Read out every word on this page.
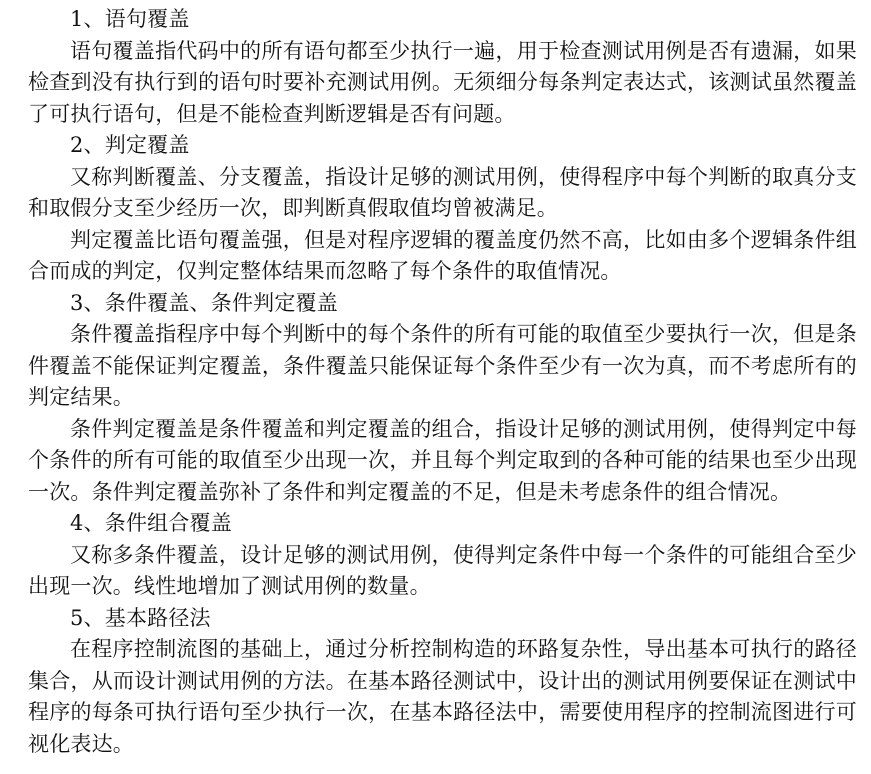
1、语句覆盖

语句覆盖指代码中的所有语句都至少执行一遍，用于检查测试用例是否有遗漏，如果检查到没有执行到的语句时要补充测试用例。无须细分每条判定表达式，该测试虽然覆盖了可执行语句，但是不能检查判断逻辑是否有问题。

2、判定覆盖

又称判断覆盖、分支覆盖，指设计足够的测试用例，使得程序中每个判断的取真分支和取假分支至少经历一次，即判断真假取值均曾被满足。

判定覆盖比语句覆盖强，但是对程序逻辑的覆盖度仍然不高，比如由多个逻辑条件组合而成的判定，仅判定整体结果而忽略了每个条件的取值情况。

3、条件覆盖、条件判定覆盖

条件覆盖指程序中每个判断中的每个条件的所有可能的取值至少要执行一次，但是条件覆盖不能保证判定覆盖，条件覆盖只能保证每个条件至少有一次为真，而不考虑所有的判定结果。

条件判定覆盖是条件覆盖和判定覆盖的组合，指设计足够的测试用例，使得判定中每个条件的所有可能的取值至少出现一次，并且每个判定取到的各种可能的结果也至少出现一次。条件判定覆盖弥补了条件和判定覆盖的不足，但是未考虑条件的组合情况。

4、条件组合覆盖

又称多条件覆盖，设计足够的测试用例，使得判定条件中每一个条件的可能组合至少出现一次。线性地增加了测试用例的数量。

5、基本路径法

在程序控制流图的基础上，通过分析控制构造的环路复杂性，导出基本可执行的路径集合，从而设计测试用例的方法。在基本路径测试中，设计出的测试用例要保证在测试中程序的每条可执行语句至少执行一次，在基本路径法中，需要使用程序的控制流图进行可视化表达。
